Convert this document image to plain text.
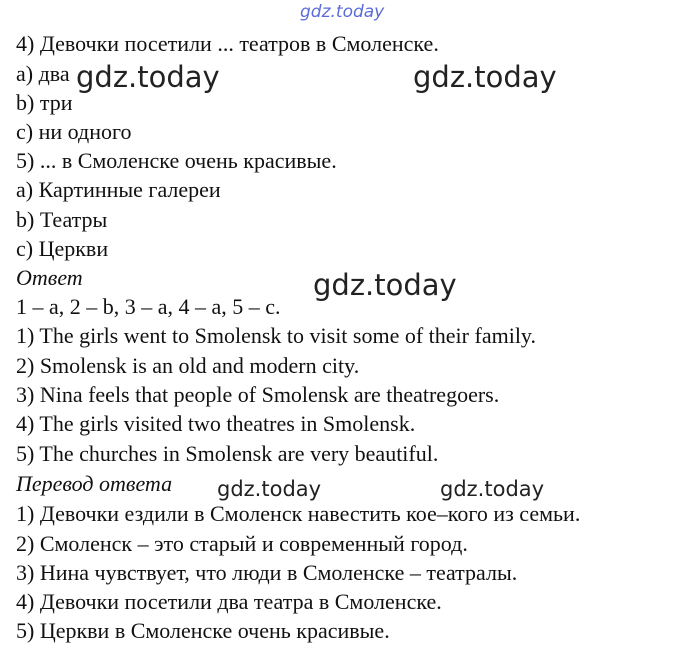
gdz.today
gdz.today	gdz.today
gdz.today
gdz.today	gdz.today
4) Девочки посетили ... театров в Смоленске.
a) два
b) три
c) ни одного
5) ... в Смоленске очень красивые.
a) Картинные галереи
b) Театры
c) Церкви
Ответ
1 – a, 2 – b, 3 – a, 4 – a, 5 – c.
1) The girls went to Smolensk to visit some of their family.
2) Smolensk is an old and modern city.
3) Nina feels that people of Smolensk are theatregoers.
4) The girls visited two theatres in Smolensk.
5) The churches in Smolensk are very beautiful.
Перевод ответа
1) Девочки ездили в Смоленск навестить кое–кого из семьи.
2) Смоленск – это старый и современный город.
3) Нина чувствует, что люди в Смоленске – театралы.
4) Девочки посетили два театра в Смоленске.
5) Церкви в Смоленске очень красивые.
